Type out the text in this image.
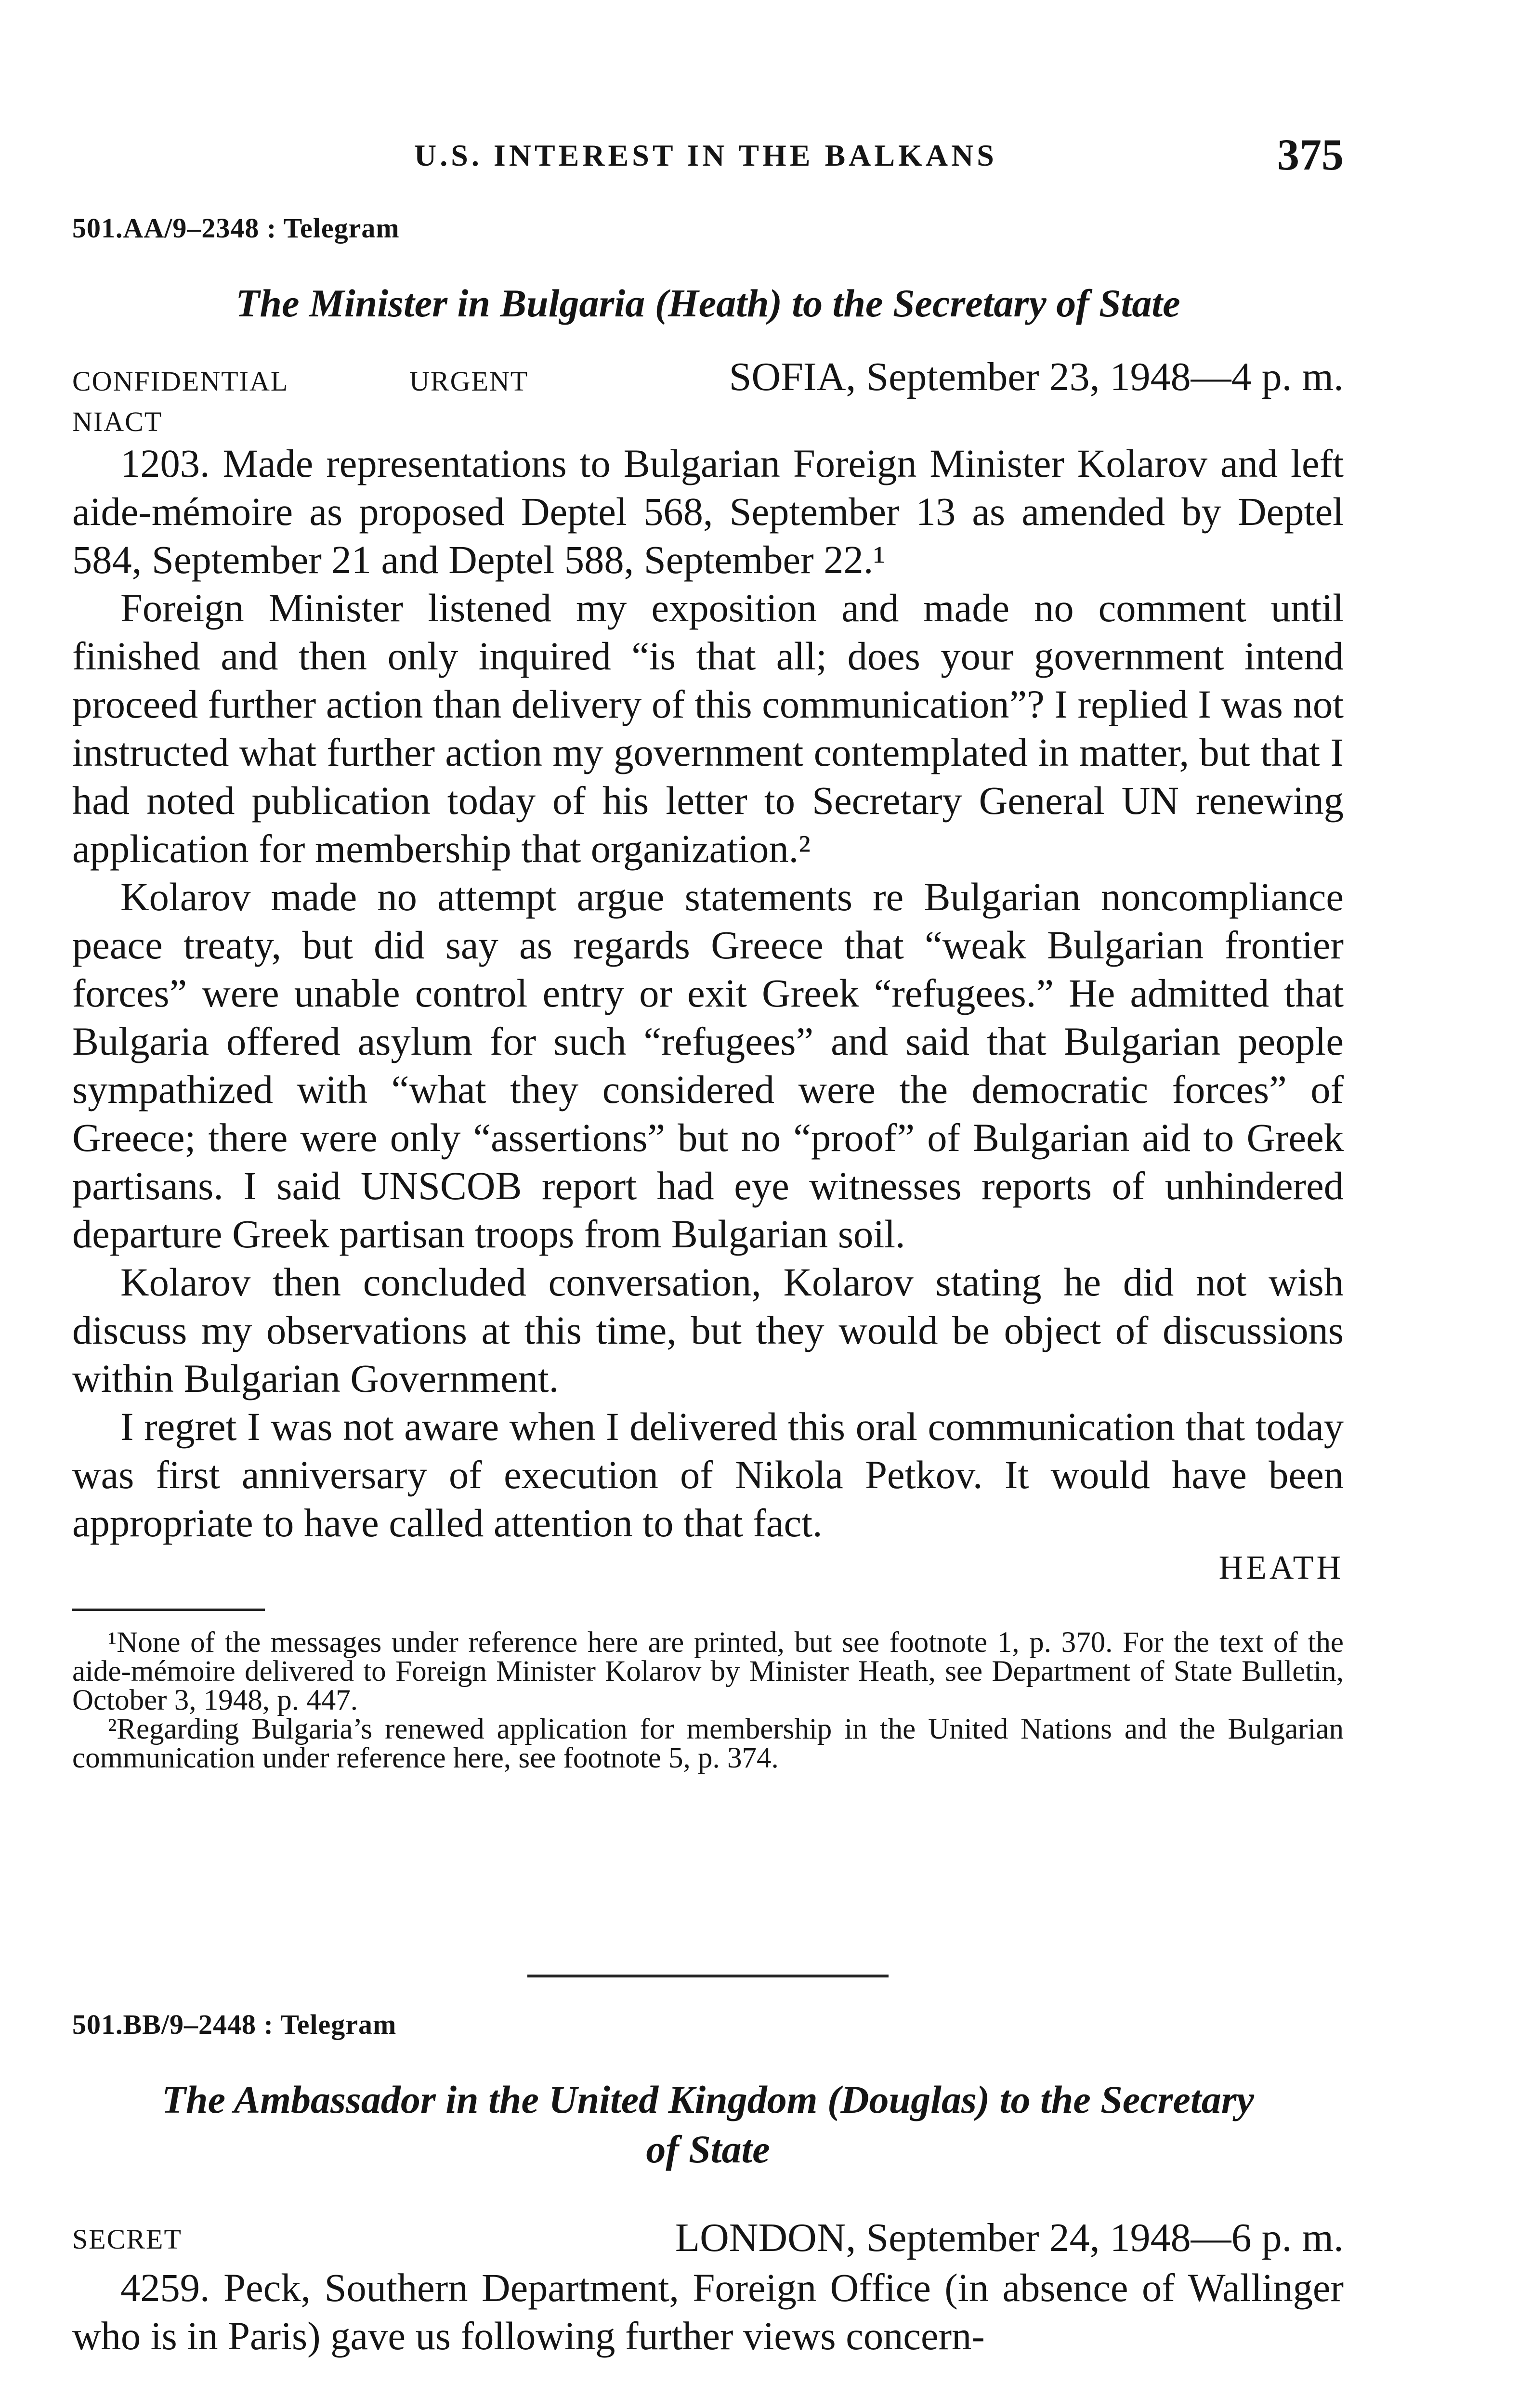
U.S. INTEREST IN THE BALKANS	375
501.AA/9–2348 : Telegram
The Minister in Bulgaria (Heath) to the Secretary of State
CONFIDENTIAL	URGENT
NIACT
SOFIA, September 23, 1948—4 p. m.

1203. Made representations to Bulgarian Foreign Minister Kolarov and left aide-mémoire as proposed Deptel 568, September 13 as amended by Deptel 584, September 21 and Deptel 588, September 22.¹

Foreign Minister listened my exposition and made no comment until finished and then only inquired “is that all; does your government intend proceed further action than delivery of this communication”? I replied I was not instructed what further action my government contemplated in matter, but that I had noted publication today of his letter to Secretary General UN renewing application for membership that organization.²

Kolarov made no attempt argue statements re Bulgarian noncompliance peace treaty, but did say as regards Greece that “weak Bulgarian frontier forces” were unable control entry or exit Greek “refugees.” He admitted that Bulgaria offered asylum for such “refugees” and said that Bulgarian people sympathized with “what they considered were the democratic forces” of Greece; there were only “assertions” but no “proof” of Bulgarian aid to Greek partisans. I said UNSCOB report had eye witnesses reports of unhindered departure Greek partisan troops from Bulgarian soil.

Kolarov then concluded conversation, Kolarov stating he did not wish discuss my observations at this time, but they would be object of discussions within Bulgarian Government.

I regret I was not aware when I delivered this oral communication that today was first anniversary of execution of Nikola Petkov. It would have been appropriate to have called attention to that fact.

HEATH

¹None of the messages under reference here are printed, but see footnote 1, p. 370. For the text of the aide-mémoire delivered to Foreign Minister Kolarov by Minister Heath, see Department of State Bulletin, October 3, 1948, p. 447.

²Regarding Bulgaria’s renewed application for membership in the United Nations and the Bulgarian communication under reference here, see footnote 5, p. 374.

501.BB/9–2448 : Telegram
The Ambassador in the United Kingdom (Douglas) to the Secretary
of State
SECRET	LONDON, September 24, 1948—6 p. m.

4259. Peck, Southern Department, Foreign Office (in absence of Wallinger who is in Paris) gave us following further views concern-
